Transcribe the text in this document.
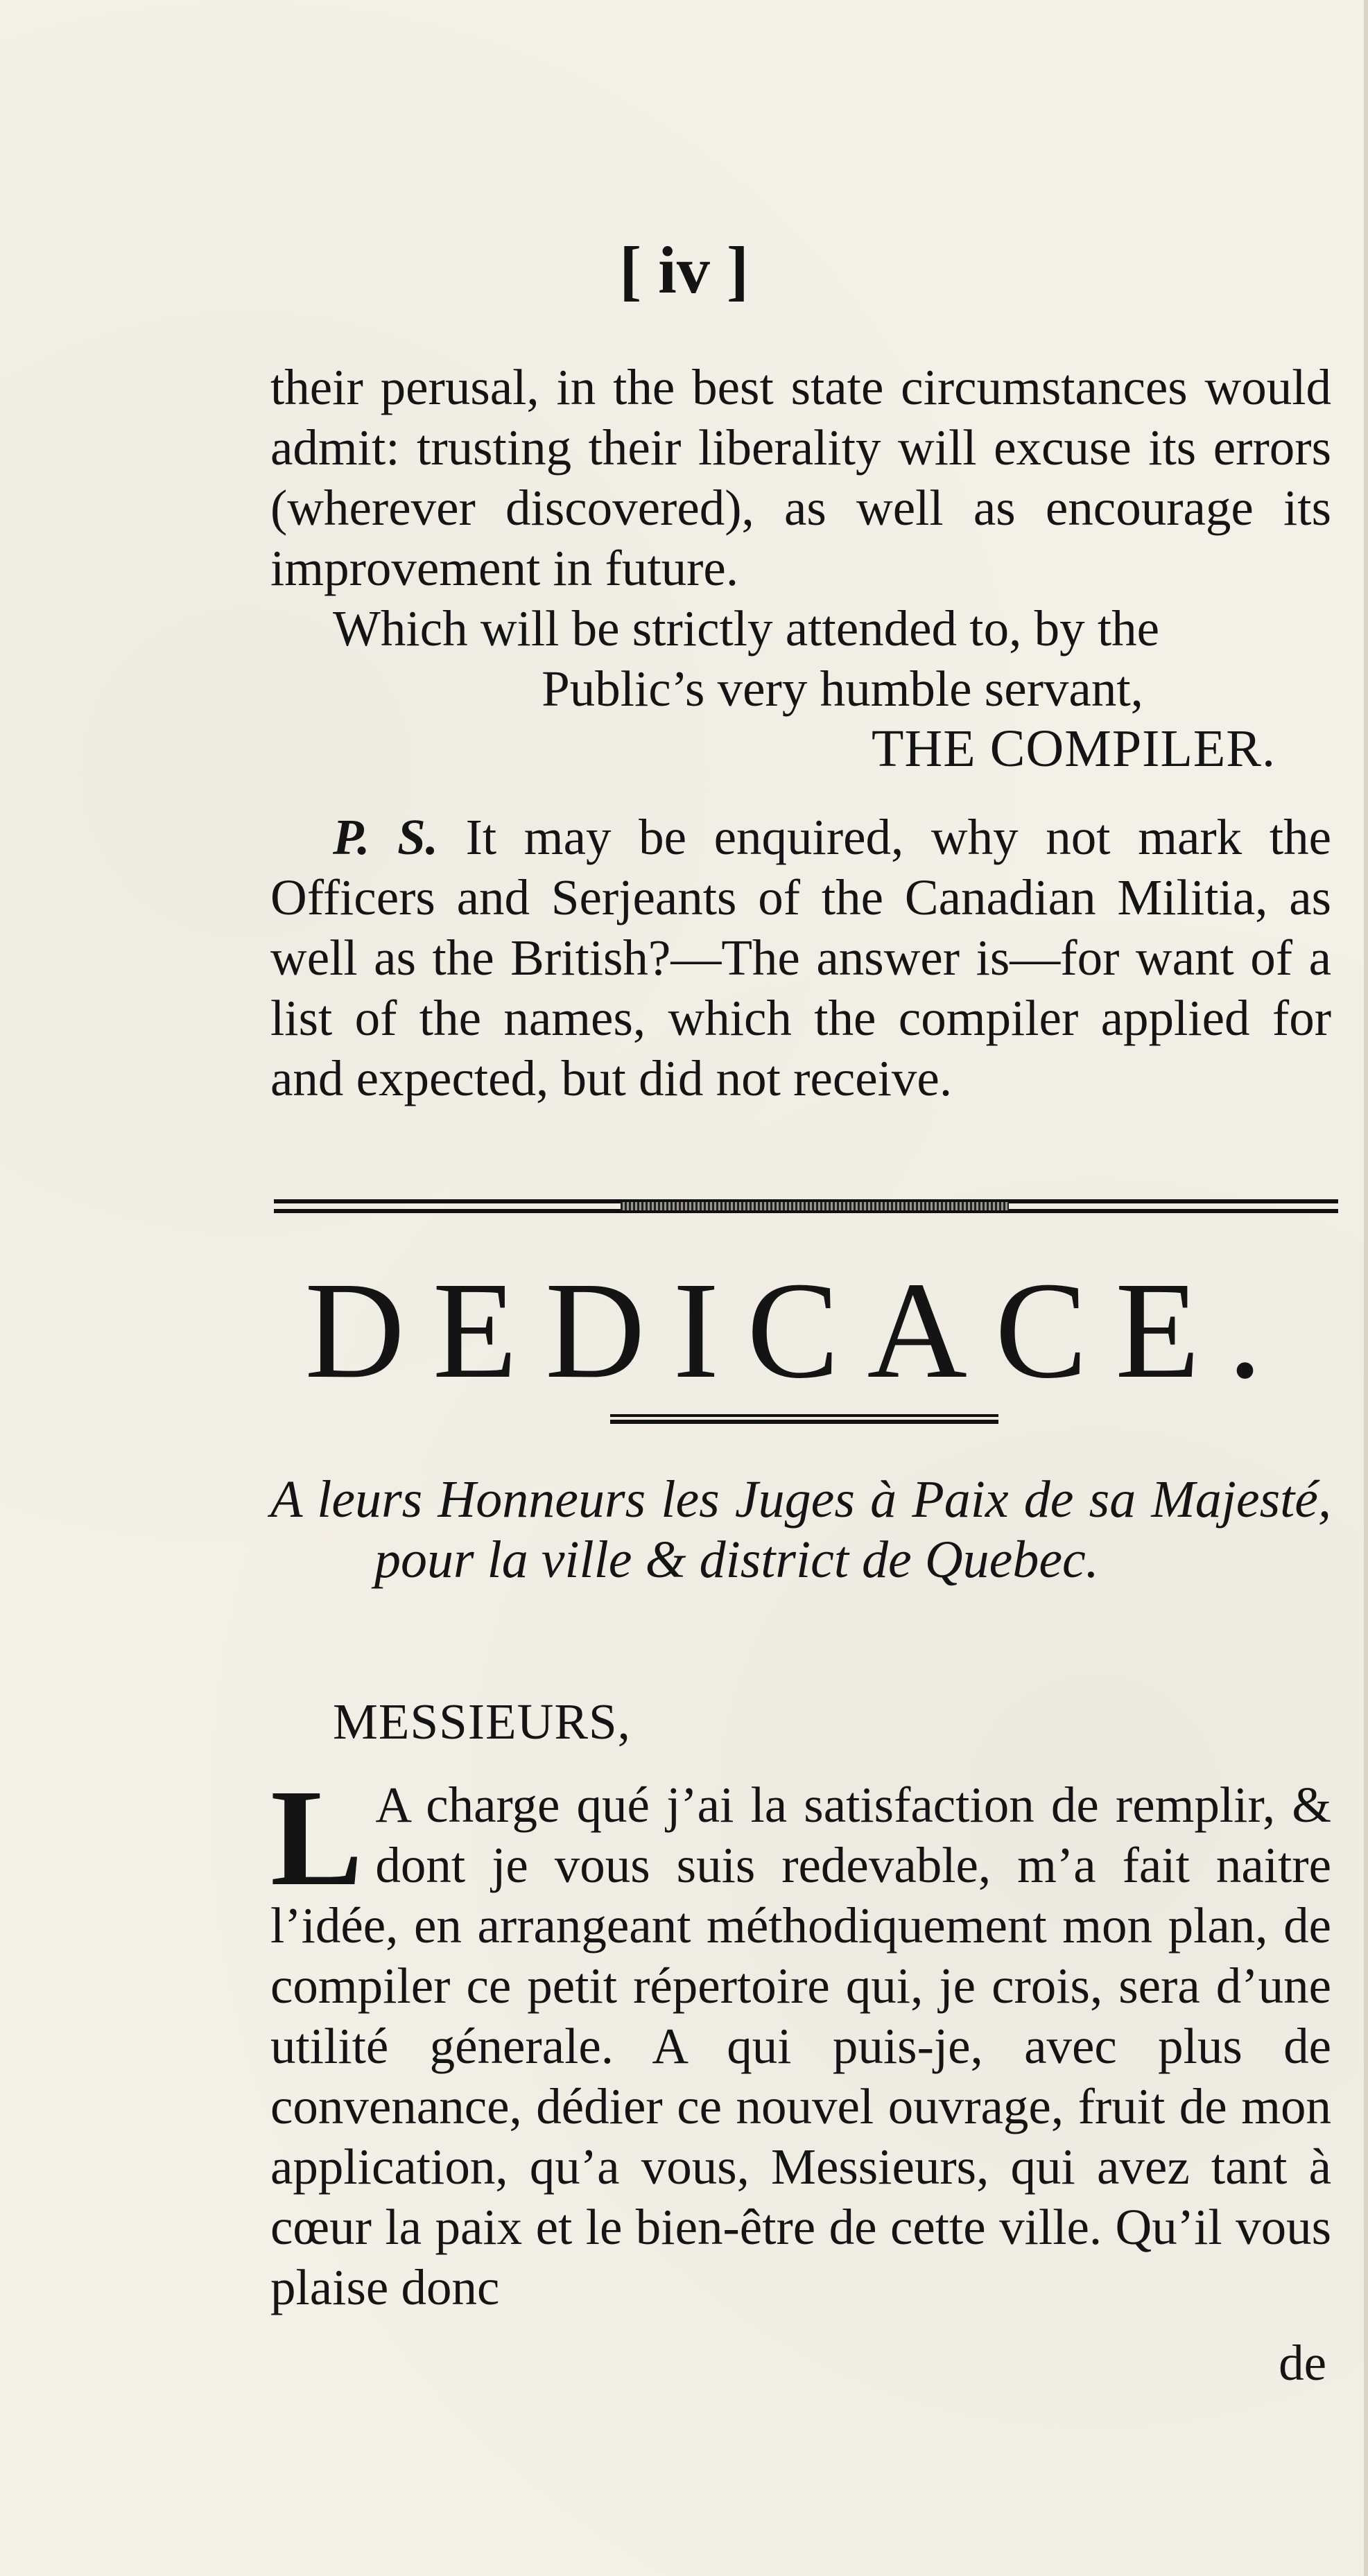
[ iv ]

their perusal, in the best state circumstances would admit: trusting their liberality will excuse its errors (wherever discovered), as well as encourage its improvement in future.

Which will be strictly attended to, by the

Public’s very humble servant,

THE COMPILER.

P. S. It may be enquired, why not mark the Officers and Serjeants of the Canadian Militia, as well as the British?—The answer is—for want of a list of the names, which the compiler applied for and expected, but did not receive.

DEDICACE.

A leurs Honneurs les Juges à Paix de sa Majesté, pour la ville & district de Quebec.

MESSIEURS,
L A charge qué j’ai la satisfaction de remplir, & dont je vous suis redevable, m’a fait naitre l’idée, en arrangeant méthodiquement mon plan, de compiler ce petit répertoire qui, je crois, sera d’une utilité génerale. A qui puis-je, avec plus de convenance, dédier ce nouvel ouvrage, fruit de mon application, qu’a vous, Messieurs, qui avez tant à cœur la paix et le bien-être de cette ville. Qu’il vous plaise donc

de
